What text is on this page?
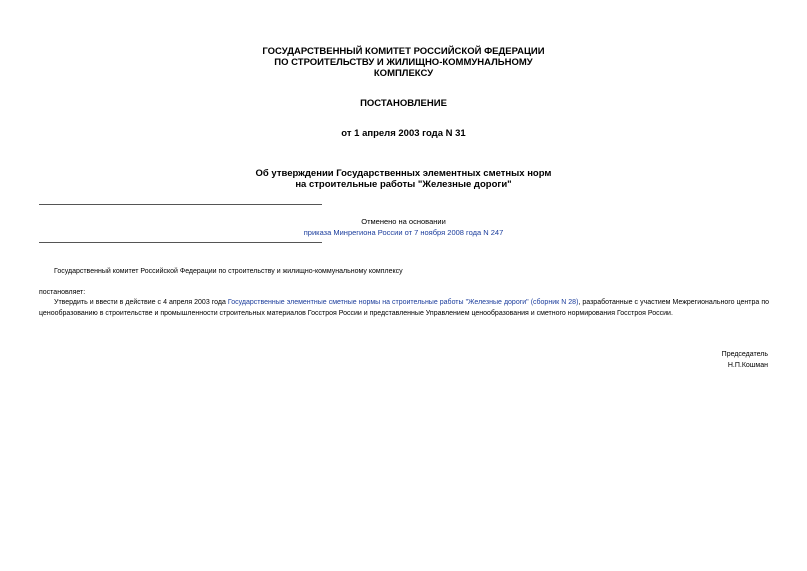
ГОСУДАРСТВЕННЫЙ КОМИТЕТ РОССИЙСКОЙ ФЕДЕРАЦИИ
ПО СТРОИТЕЛЬСТВУ И ЖИЛИЩНО-КОММУНАЛЬНОМУ
КОМПЛЕКСУ
ПОСТАНОВЛЕНИЕ
от 1 апреля 2003 года N 31
Об утверждении Государственных элементных сметных норм
на строительные работы "Железные дороги"
Отменено на основании
приказа Минрегиона России от 7 ноября 2008 года N 247
Государственный комитет Российской Федерации по строительству и жилищно-коммунальному комплексу
постановляет:
Утвердить и ввести в действие с 4 апреля 2003 года Государственные элементные сметные нормы на строительные работы "Железные дороги" (сборник N 28), разработанные с участием Межрегионального центра по ценообразованию в строительстве и промышленности строительных материалов Госстроя России и представленные Управлением ценообразования и сметного нормирования Госстроя России.
Председатель
Н.П.Кошман
